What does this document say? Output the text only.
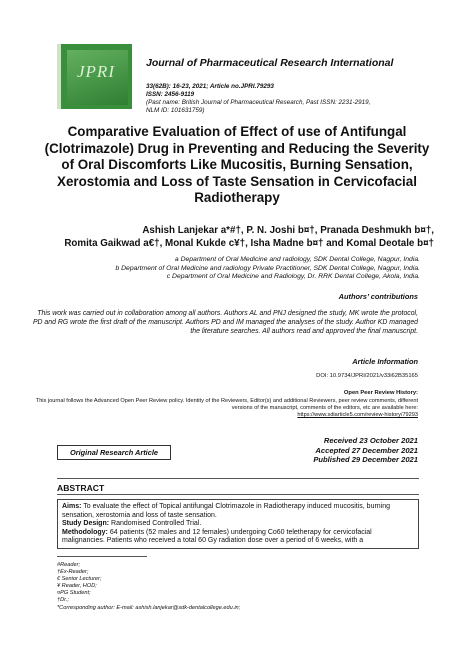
JPRI	Journal of Pharmaceutical Research International
33(62B): 16-23, 2021; Article no.JPRI.79293
ISSN: 2456-9119
(Past name: British Journal of Pharmaceutical Research, Past ISSN: 2231-2919,
NLM ID: 101631759)
Comparative Evaluation of Effect of use of Antifungal (Clotrimazole) Drug in Preventing and Reducing the Severity of Oral Discomforts Like Mucositis, Burning Sensation, Xerostomia and Loss of Taste Sensation in Cervicofacial Radiotherapy
Ashish Lanjekar a*#†, P. N. Joshi b¤†, Pranada Deshmukh b¤†,
Romita Gaikwad a€†, Monal Kukde c¥†, Isha Madne b¤† and Komal Deotale b¤†
a Department of Oral Medicine and radiology, SDK Dental College, Nagpur, India.
b Department of Oral Medicine and radiology Private Practitioner, SDK Dental College, Nagpur, India.
c Department of Oral Medicine and Radiology, Dr. RRK Dental College, Akola, India.
Authors’ contributions
This work was carried out in collaboration among all authors. Authors AL and PNJ designed the study, MK wrote the protocol, PD and RG wrote the first draft of the manuscript. Authors PD and IM managed the analyses of the study. Author KD managed the literature searches. All authors read and approved the final manuscript.
Article Information
DOI: 10.9734/JPRI/2021/v33i62B35165
Open Peer Review History:
This journal follows the Advanced Open Peer Review policy. Identity of the Reviewers, Editor(s) and additional Reviewers, peer review comments, different versions of the manuscript, comments of the editors, etc are available here:
https://www.sdiarticle5.com/review-history/79293
Original Research Article
Received 23 October 2021
Accepted 27 December 2021
Published 29 December 2021
ABSTRACT
Aims: To evaluate the effect of Topical antifungal Clotrimazole in Radiotherapy induced mucositis, burning sensation, xerostomia and loss of taste sensation.
Study Design: Randomised Controlled Trial.
Methodology: 64 patients (52 males and 12 females) undergoing Co60 teletherapy for cervicofacial malignancies. Patients who received a total 60 Gy radiation dose over a period of 6 weeks, with a
#Reader;
†Ex-Reader;
€ Senior Lecturer;
¥ Reader, HOD;
¤PG Student;
†Dr.;
*Corresponding author: E-mail: ashish.lanjekar@sdk-dentalcollege.edu.in;
